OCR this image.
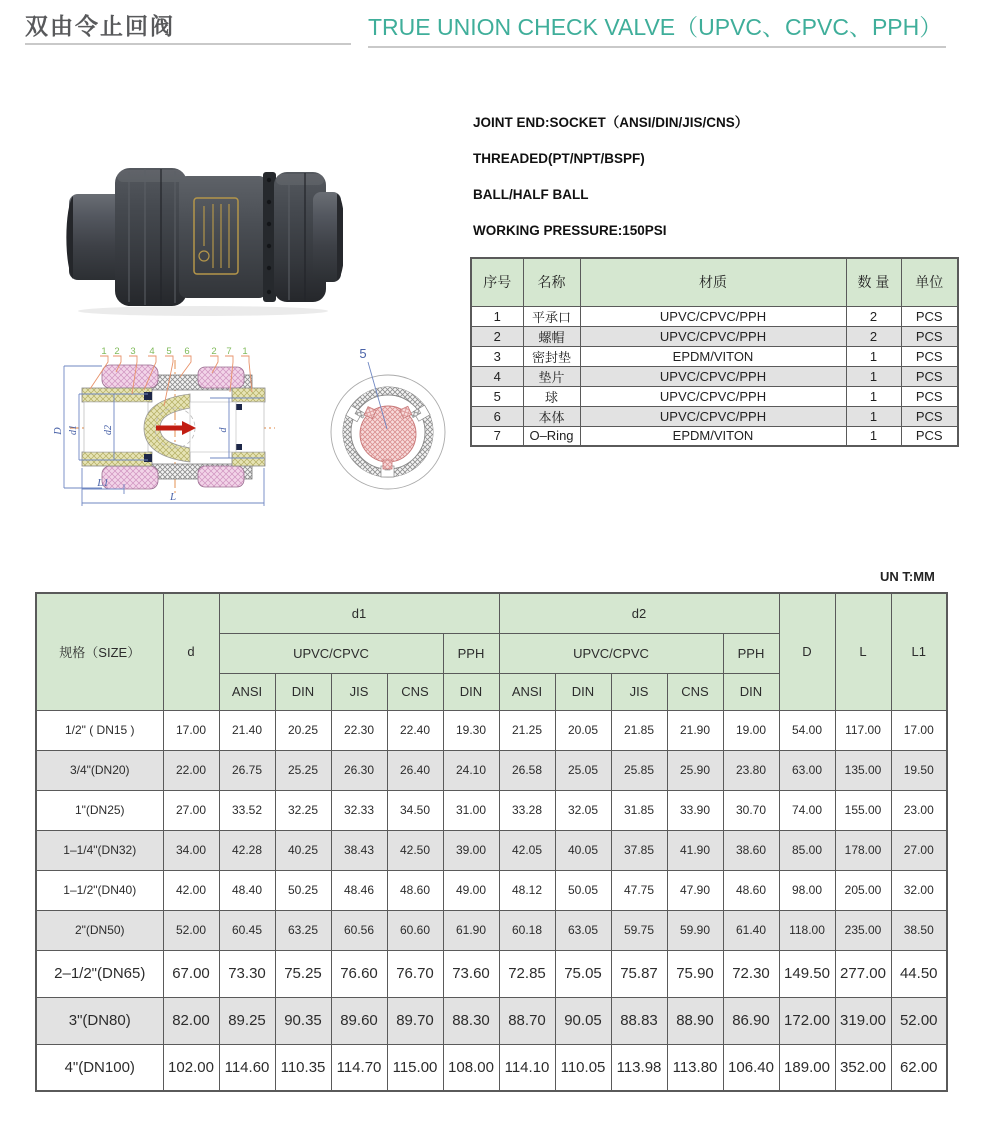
双由令止回阀	TRUE UNION CHECK VALVE（UPVC、CPVC、PPH）
JOINT END:SOCKET（ANSI/DIN/JIS/CNS）
THREADED(PT/NPT/BSPF)
BALL/HALF BALL
WORKING PRESSURE:150PSI
序号	名称	材质	数 量	单位
1	平承口	UPVC/CPVC/PPH	2	PCS
2	螺帽	UPVC/CPVC/PPH	2	PCS
3	密封垫	EPDM/VITON	1	PCS
4	垫片	UPVC/CPVC/PPH	1	PCS
5	球	UPVC/CPVC/PPH	1	PCS
6	本体	UPVC/CPVC/PPH	1	PCS
7	O–Ring	EPDM/VITON	1	PCS
D d1 d2	d
L1
L
1 2 3 4 5 6 2 7 1	5
UN T:MM
规格（SIZE）	d	d1					d2					D	L	L1
		UPVC/CPVC				PPH	UPVC/CPVC				PPH			
		ANSI	DIN	JIS	CNS	DIN	ANSI	DIN	JIS	CNS	DIN			
1/2" ( DN15 )	17.00	21.40	20.25	22.30	22.40	19.30	21.25	20.05	21.85	21.90	19.00	54.00	117.00	17.00
3/4"(DN20)	22.00	26.75	25.25	26.30	26.40	24.10	26.58	25.05	25.85	25.90	23.80	63.00	135.00	19.50
1"(DN25)	27.00	33.52	32.25	32.33	34.50	31.00	33.28	32.05	31.85	33.90	30.70	74.00	155.00	23.00
1–1/4"(DN32)	34.00	42.28	40.25	38.43	42.50	39.00	42.05	40.05	37.85	41.90	38.60	85.00	178.00	27.00
1–1/2"(DN40)	42.00	48.40	50.25	48.46	48.60	49.00	48.12	50.05	47.75	47.90	48.60	98.00	205.00	32.00
2"(DN50)	52.00	60.45	63.25	60.56	60.60	61.90	60.18	63.05	59.75	59.90	61.40	118.00	235.00	38.50
2–1/2"(DN65)	67.00	73.30	75.25	76.60	76.70	73.60	72.85	75.05	75.87	75.90	72.30	149.50	277.00	44.50
3"(DN80)	82.00	89.25	90.35	89.60	89.70	88.30	88.70	90.05	88.83	88.90	86.90	172.00	319.00	52.00
4"(DN100)	102.00	114.60	110.35	114.70	115.00	108.00	114.10	110.05	113.98	113.80	106.40	189.00	352.00	62.00
